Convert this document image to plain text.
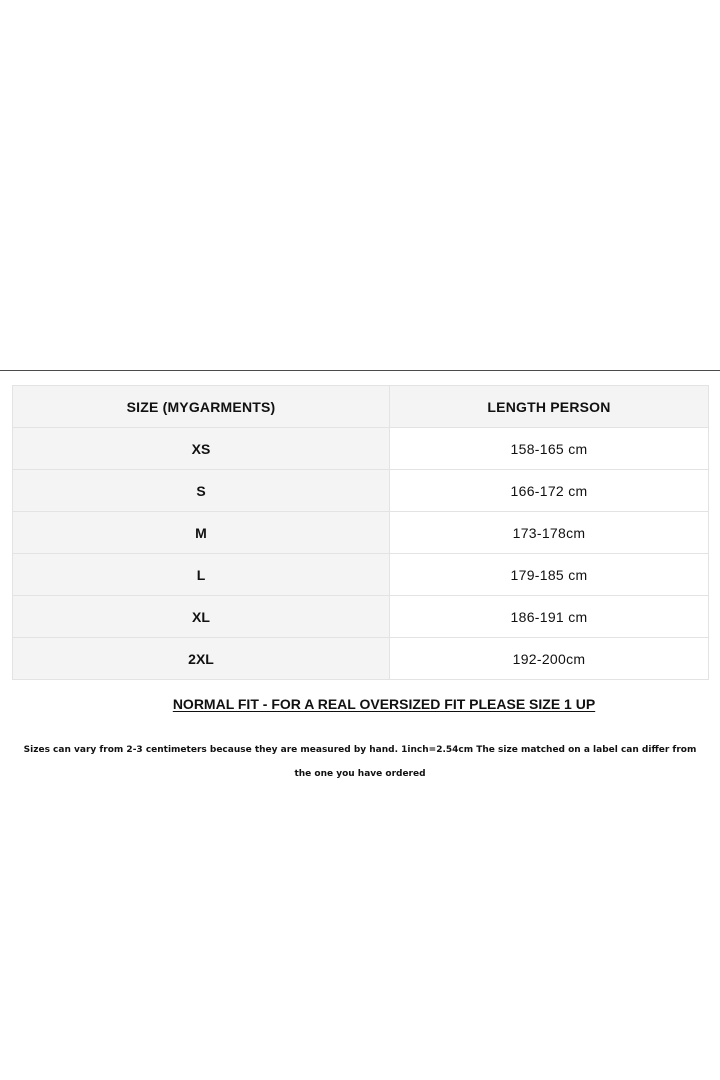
SIZE (MYGARMENTS)	LENGTH PERSON
XS	158-165 cm
S	166-172 cm
M	173-178cm
L	179-185 cm
XL	186-191 cm
2XL	192-200cm
NORMAL FIT - FOR A REAL OVERSIZED FIT PLEASE SIZE 1 UP
Sizes can vary from 2-3 centimeters because they are measured by hand. 1inch=2.54cm The size matched on a label can differ from the one you have ordered
